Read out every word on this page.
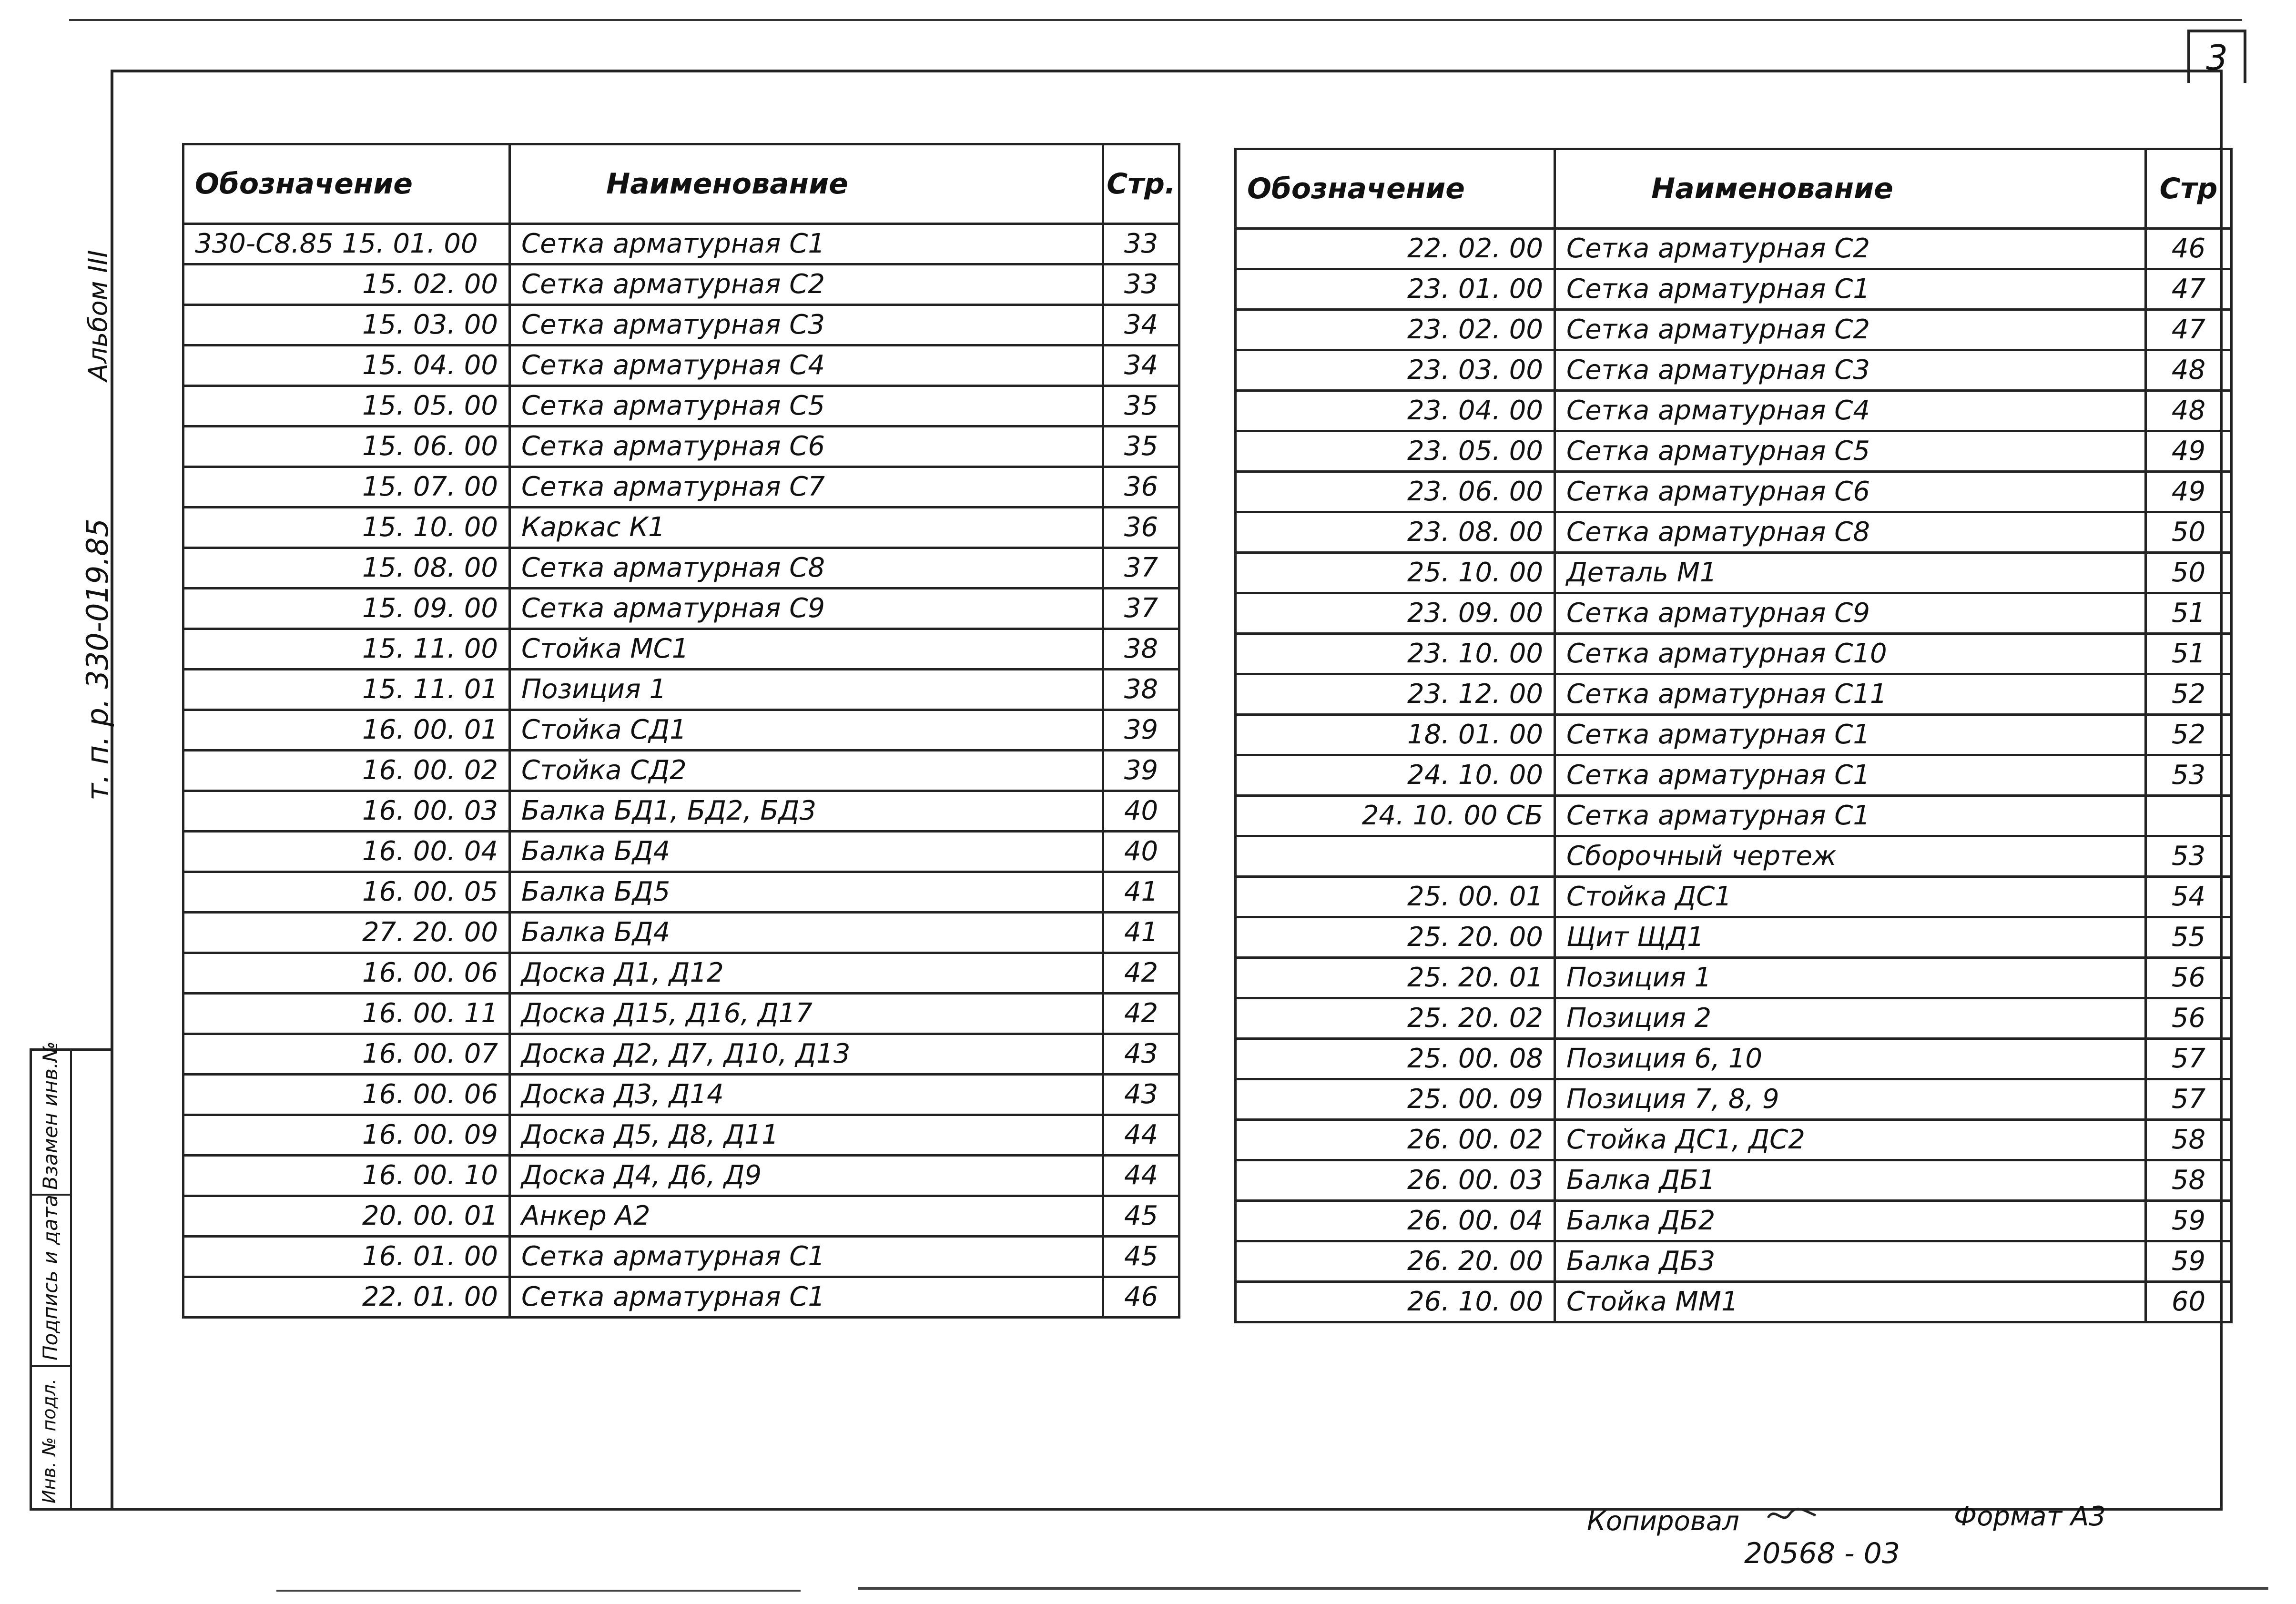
3
Альбом III
т. п. р. 330-019.85
Взамен инв.№
Подпись и дата
Инв. № подл.
Обозначение	Наименование	Стр.
330-С8.85 15. 01. 00	Сетка арматурная С1	33
15. 02. 00	Сетка арматурная С2	33
15. 03. 00	Сетка арматурная С3	34
15. 04. 00	Сетка арматурная С4	34
15. 05. 00	Сетка арматурная С5	35
15. 06. 00	Сетка арматурная С6	35
15. 07. 00	Сетка арматурная С7	36
15. 10. 00	Каркас К1	36
15. 08. 00	Сетка арматурная С8	37
15. 09. 00	Сетка арматурная С9	37
15. 11. 00	Стойка МС1	38
15. 11. 01	Позиция 1	38
16. 00. 01	Стойка СД1	39
16. 00. 02	Стойка СД2	39
16. 00. 03	Балка БД1, БД2, БД3	40
16. 00. 04	Балка БД4	40
16. 00. 05	Балка БД5	41
27. 20. 00	Балка БД4	41
16. 00. 06	Доска Д1, Д12	42
16. 00. 11	Доска Д15, Д16, Д17	42
16. 00. 07	Доска Д2, Д7, Д10, Д13	43
16. 00. 06	Доска Д3, Д14	43
16. 00. 09	Доска Д5, Д8, Д11	44
16. 00. 10	Доска Д4, Д6, Д9	44
20. 00. 01	Анкер А2	45
16. 01. 00	Сетка арматурная С1	45
22. 01. 00	Сетка арматурная С1	46
Обозначение	Наименование	Стр
22. 02. 00	Сетка арматурная С2	46
23. 01. 00	Сетка арматурная С1	47
23. 02. 00	Сетка арматурная С2	47
23. 03. 00	Сетка арматурная С3	48
23. 04. 00	Сетка арматурная С4	48
23. 05. 00	Сетка арматурная С5	49
23. 06. 00	Сетка арматурная С6	49
23. 08. 00	Сетка арматурная С8	50
25. 10. 00	Деталь М1	50
23. 09. 00	Сетка арматурная С9	51
23. 10. 00	Сетка арматурная С10	51
23. 12. 00	Сетка арматурная С11	52
18. 01. 00	Сетка арматурная С1	52
24. 10. 00	Сетка арматурная С1	53
24. 10. 00 СБ	Сетка арматурная С1	
	Сборочный чертеж	53
25. 00. 01	Стойка ДС1	54
25. 20. 00	Щит ЩД1	55
25. 20. 01	Позиция 1	56
25. 20. 02	Позиция 2	56
25. 00. 08	Позиция 6, 10	57
25. 00. 09	Позиция 7, 8, 9	57
26. 00. 02	Стойка ДС1, ДС2	58
26. 00. 03	Балка ДБ1	58
26. 00. 04	Балка ДБ2	59
26. 20. 00	Балка ДБ3	59
26. 10. 00	Стойка ММ1	60
Копировал	Формат А3
20568 - 03
